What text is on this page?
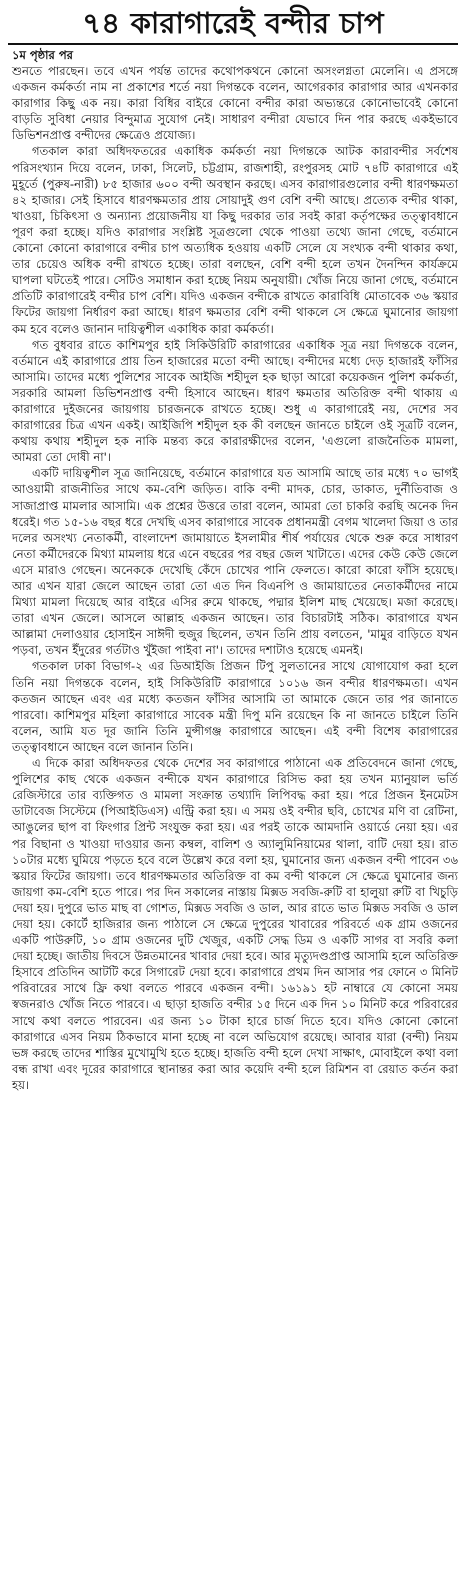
৭৪ কারাগারেই বন্দীর চাপ
১ম পৃষ্ঠার পর

শুনতে পারছেন। তবে এখন পর্যন্ত তাদের কথোপকথনে কোনো অসংলগ্নতা মেলেনি। এ প্রসঙ্গে একজন কর্মকর্তা নাম না প্রকাশের শর্তে নয়া দিগন্তকে বলেন, আগেরকার কারাগার আর এখনকার কারাগার কিছু এক নয়। কারা বিধির বাইরে কোনো বন্দীর কারা অভ্যন্তরে কোনোভাবেই কোনো বাড়তি সুবিধা নেয়ার বিন্দুমাত্র সুযোগ নেই। সাধারণ বন্দীরা যেভাবে দিন পার করছে একইভাবে ডিভিশনপ্রাপ্ত বন্দীদের ক্ষেত্রেও প্রযোজ্য।

গতকাল কারা অধিদফতরের একাধিক কর্মকর্তা নয়া দিগন্তকে আটক কারাবন্দীর সর্বশেষ পরিসংখ্যান দিয়ে বলেন, ঢাকা, সিলেট, চট্টগ্রাম, রাজশাহী, রংপুরসহ মোট ৭৪টি কারাগারে এই মুহূর্তে (পুরুষ-নারী) ৮৫ হাজার ৬০০ বন্দী অবস্থান করছে। এসব কারাগারগুলোর বন্দী ধারণক্ষমতা ৪২ হাজার। সেই হিসাবে ধারণক্ষমতার প্রায় সোয়াদুই গুণ বেশি বন্দী আছে। প্রত্যেক বন্দীর থাকা, খাওয়া, চিকিৎসা ও অন্যান্য প্রয়োজনীয় যা কিছু দরকার তার সবই কারা কর্তৃপক্ষের তত্ত্বাবধানে পূরণ করা হচ্ছে। যদিও কারাগার সংশ্লিষ্ট সূত্রগুলো থেকে পাওয়া তথ্যে জানা গেছে, বর্তমানে কোনো কোনো কারাগারে বন্দীর চাপ অত্যধিক হওয়ায় একটি সেলে যে সংখ্যক বন্দী থাকার কথা, তার চেয়েও অধিক বন্দী রাখতে হচ্ছে। তারা বলছেন, বেশি বন্দী হলে তখন দৈনন্দিন কার্যক্রমে ঘাপলা ঘটতেই পারে। সেটিও সমাধান করা হচ্ছে নিয়ম অনুযায়ী। খোঁজ নিয়ে জানা গেছে, বর্তমানে প্রতিটি কারাগারেই বন্দীর চাপ বেশি। যদিও একজন বন্দীকে রাখতে কারাবিধি মোতাবেক ৩৬ স্কয়ার ফিটের জায়গা নির্ধারণ করা আছে। ধারণ ক্ষমতার বেশি বন্দী থাকলে সে ক্ষেত্রে ঘুমানোর জায়গা কম হবে বলেও জানান দায়িত্বশীল একাধিক কারা কর্মকর্তা।

গত বুধবার রাতে কাশিমপুর হাই সিকিউরিটি কারাগারের একাধিক সূত্র নয়া দিগন্তকে বলেন, বর্তমানে এই কারাগারে প্রায় তিন হাজারের মতো বন্দী আছে। বন্দীদের মধ্যে দেড় হাজারই ফাঁসির আসামি। তাদের মধ্যে পুলিশের সাবেক আইজি শহীদুল হক ছাড়া আরো কয়েকজন পুলিশ কর্মকর্তা, সরকারি আমলা ডিভিশনপ্রাপ্ত বন্দী হিসাবে আছেন। ধারণ ক্ষমতার অতিরিক্ত বন্দী থাকায় এ কারাগারে দুইজনের জায়গায় চারজনকে রাখতে হচ্ছে। শুধু এ কারাগারেই নয়, দেশের সব কারাগারের চিত্র এখন একই। আইজিপি শহীদুল হক কী বলছেন জানতে চাইলে ওই সূত্রটি বলেন, কথায় কথায় শহীদুল হক নাকি মন্তব্য করে কারারক্ষীদের বলেন, 'এগুলো রাজনৈতিক মামলা, আমরা তো দোষী না'।

একটি দায়িত্বশীল সূত্র জানিয়েছে, বর্তমানে কারাগারে যত আসামি আছে তার মধ্যে ৭০ ভাগই আওয়ামী রাজনীতির সাথে কম-বেশি জড়িত। বাকি বন্দী মাদক, চোর, ডাকাত, দুর্নীতিবাজ ও সাজাপ্রাপ্ত মামলার আসামি। এক প্রশ্নের উত্তরে তারা বলেন, আমরা তো চাকরি করছি অনেক দিন ধরেই। গত ১৫-১৬ বছর ধরে দেখছি এসব কারাগারে সাবেক প্রধানমন্ত্রী বেগম খালেদা জিয়া ও তার দলের অসংখ্য নেতাকর্মী, বাংলাদেশ জামায়াতে ইসলামীর শীর্ষ পর্যায়ের থেকে শুরু করে সাধারণ নেতা কর্মীদেরকে মিথ্যা মামলায় ধরে এনে বছরের পর বছর জেল খাটাতে। এদের কেউ কেউ জেলে এসে মারাও গেছেন। অনেককে দেখেছি কেঁদে চোখের পানি ফেলতে। কারো কারো ফাঁসি হয়েছে। আর এখন যারা জেলে আছেন তারা তো এত দিন বিএনপি ও জামায়াতের নেতাকর্মীদের নামে মিথ্যা মামলা দিয়েছে আর বাইরে এসির রুমে থাকছে, পদ্মার ইলিশ মাছ খেয়েছে। মজা করেছে। তারা এখন জেলে। আসলে আল্লাহ একজন আছেন। তার বিচারটাই সঠিক। কারাগারে যখন আল্লামা দেলাওয়ার হোসাইন সাঈদী হুজুর ছিলেন, তখন তিনি প্রায় বলতেন, 'মামুর বাড়িতে যখন পড়বা, তখন ইঁদুরের গর্তটাও খুঁইজা পাইবা না'। তাদের দশাটাও হয়েছে এমনই।

গতকাল ঢাকা বিভাগ-২ এর ডিআইজি প্রিজন টিপু সুলতানের সাথে যোগাযোগ করা হলে তিনি নয়া দিগন্তকে বলেন, হাই সিকিউরিটি কারাগারে ১০১৬ জন বন্দীর ধারণক্ষমতা। এখন কতজন আছেন এবং এর মধ্যে কতজন ফাঁসির আসামি তা আমাকে জেনে তার পর জানাতে পারবো। কাশিমপুর মহিলা কারাগারে সাবেক মন্ত্রী দিপু মনি রয়েছেন কি না জানতে চাইলে তিনি বলেন, আমি যত দূর জানি তিনি মুন্সীগঞ্জ কারাগারে আছেন। এই বন্দী বিশেষ কারাগারের তত্ত্বাবধানে আছেন বলে জানান তিনি।

এ দিকে কারা অধিদফতর থেকে দেশের সব কারাগারে পাঠানো এক প্রতিবেদনে জানা গেছে, পুলিশের কাছ থেকে একজন বন্দীকে যখন কারাগারে রিসিভ করা হয় তখন ম্যানুয়াল ভর্তি রেজিস্টারে তার ব্যক্তিগত ও মামলা সংক্রান্ত তথ্যাদি লিপিবদ্ধ করা হয়। পরে প্রিজন ইনমেটস ডাটাবেজ সিস্টেমে (পিআইডিএস) এন্ট্রি করা হয়। এ সময় ওই বন্দীর ছবি, চোখের মণি বা রেটিনা, আঙুলের ছাপ বা ফিংগার প্রিন্ট সংযুক্ত করা হয়। এর পরই তাকে আমদানি ওয়ার্ডে নেয়া হয়। এর পর বিছানা ও খাওয়া দাওয়ার জন্য কম্বল, বালিশ ও অ্যালুমিনিয়ামের থালা, বাটি দেয়া হয়। রাত ১০টার মধ্যে ঘুমিয়ে পড়তে হবে বলে উল্লেখ করে বলা হয়, ঘুমানোর জন্য একজন বন্দী পাবেন ৩৬ স্কয়ার ফিটের জায়গা। তবে ধারণক্ষমতার অতিরিক্ত বা কম বন্দী থাকলে সে ক্ষেত্রে ঘুমানোর জন্য জায়গা কম-বেশি হতে পারে। পর দিন সকালের নাস্তায় মিক্সড সবজি-রুটি বা হালুয়া রুটি বা খিচুড়ি দেয়া হয়। দুপুরে ভাত মাছ বা গোশত, মিক্সড সবজি ও ডাল, আর রাতে ভাত মিক্সড সবজি ও ডাল দেয়া হয়। কোর্টে হাজিরার জন্য পাঠালে সে ক্ষেত্রে দুপুরের খাবারের পরিবর্তে এক গ্রাম ওজনের একটি পাউরুটি, ১০ গ্রাম ওজনের দুটি খেজুর, একটি সেদ্ধ ডিম ও একটি সাগর বা সবরি কলা দেয়া হচ্ছে। জাতীয় দিবসে উন্নতমানের খাবার দেয়া হবে। আর মৃত্যুদণ্ডপ্রাপ্ত আসামি হলে অতিরিক্ত হিসাবে প্রতিদিন আটটি করে সিগারেট দেয়া হবে। কারাগারে প্রথম দিন আসার পর ফোনে ৩ মিনিট পরিবারের সাথে ফ্রি কথা বলতে পারবে একজন বন্দী। ১৬১৯১ হট নাম্বারে যে কোনো সময় স্বজনরাও খোঁজ নিতে পারবে। এ ছাড়া হাজতি বন্দীর ১৫ দিনে এক দিন ১০ মিনিট করে পরিবারের সাথে কথা বলতে পারবেন। এর জন্য ১০ টাকা হারে চার্জ দিতে হবে। যদিও কোনো কোনো কারাগারে এসব নিয়ম ঠিকভাবে মানা হচ্ছে না বলে অভিযোগ রয়েছে। আবার যারা (বন্দী) নিয়ম ভঙ্গ করছে তাদের শাস্তির মুখোমুখি হতে হচ্ছে। হাজতি বন্দী হলে দেখা সাক্ষাৎ, মোবাইলে কথা বলা বন্ধ রাখা এবং দূরের কারাগারে স্থানান্তর করা আর কয়েদি বন্দী হলে রিমিশন বা রেয়াত কর্তন করা হয়।
